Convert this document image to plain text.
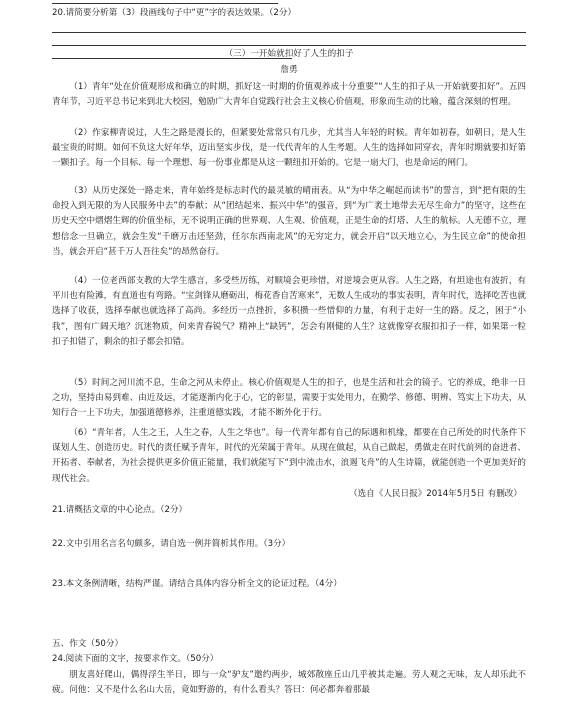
20.请简要分析第（3）段画线句子中“更”字的表达效果。（2分）
（三）一开始就扣好了人生的扣子
詹勇

（1）青年“处在价值观形成和确立的时期，抓好这一时期的价值观养成十分重要”“人生的扣子从一开始就要扣好”。五四青年节，习近平总书记来到北大校园，勉励广大青年自觉践行社会主义核心价值观，形象而生动的比喻，蕴含深刻的哲理。

（2）作家柳青说过，人生之路是漫长的，但紧要处常常只有几步，尤其当人年轻的时候。青年如初春，如朝日，是人生最宝贵的时期。如何不负这大好年华，迈出坚实步伐，是一代代青年的人生考题。人生的选择如同穿衣，青年时期就要扣好第一颗扣子。每一个目标、每一个理想、每一份事业都是从这一颗纽扣开始的。它是一扇大门，也是命运的闸门。

（3）从历史深处一路走来，青年始终是标志时代的最灵敏的晴雨表。从“为中华之崛起而读书”的誓言，到“把有限的生命投入到无限的为人民服务中去”的奉献；从“团结起来、振兴中华”的强音，到“为广袤土地带去无尽生命力”的坚守，这些在历史天空中熠熠生辉的价值坐标，无不说明正确的世界观、人生观、价值观，正是生命的灯塔、人生的航标。人无德不立，理想信念一旦确立，就会生发“千磨万击还坚劲，任尔东西南北风”的无穷定力，就会开启“以天地立心，为生民立命”的使命担当，就会开启“甚千万人吾往矣”的昂然奋行。

（4）一位老西部支教的大学生感言，多受些历练，对顺境会更珍惜，对逆境会更从容。人生之路，有坦途也有波折，有平川也有险滩，有直道也有弯路。“宝剑锋从磨砺出，梅花香自苦寒来”，无数人生成功的事实表明，青年时代，选择吃苦也就选择了收获，选择奉献也就选择了高尚。多经历一点挫折，多积攒一些惜仰的力量，有利于走好一生的路。反之，困于“小我”，图有广阔天地？沉迷物质，何来青春锐气？精神上“缺钙”，怎会有刚健的人生？这就像穿衣服扣扣子一样，如果第一粒扣子扣错了，剩余的扣子都会扣错。

（5）时间之河川流不息，生命之河从未停止。核心价值观是人生的扣子，也是生活和社会的镜子。它的养成，绝非一日之功，坚持由易到难、由近及远，才能逐渐内化于心，它的彰显，需要于实处用力，在勤学、修德、明辨、笃实上下功夫，从知行合一上下功夫，加强道德修养，注重道德实践，才能不断外化于行。

（6）“青年者，人生之王，人生之春，人生之华也”。每一代青年都有自己的际遇和机缘，都要在自己所处的时代条件下谋划人生、创造历史。时代的责任赋予青年，时代的光荣属于青年。从现在做起，从自己做起，勇做走在时代前列的奋进者、开拓者、奉献者，为社会提供更多价值正能量，我们就能写下“到中流击水，浪遏飞舟”的人生诗篇，就能创造一个更加美好的现代社会。

（选自《人民日报》2014年5月5日 有删改）
21.请概括文章的中心论点。（2分）
22.文中引用名言名句颇多，请自选一例并简析其作用。（3分）
23.本文条例清晰，结构严谨。请结合具体内容分析全文的论证过程。（4分）
五、作文（50分）
24.阅读下面的文字，按要求作文。（50分）

朋友喜好爬山，偶得浮生半日，即与一众“驴友”邀约两步，城郊散座丘山几乎被其走遍。劳人观之无味，友人却乐此不疲。问他：又不是什么名山大岳，竟如野游的，有什么看头？答曰：何必都奔着那最
